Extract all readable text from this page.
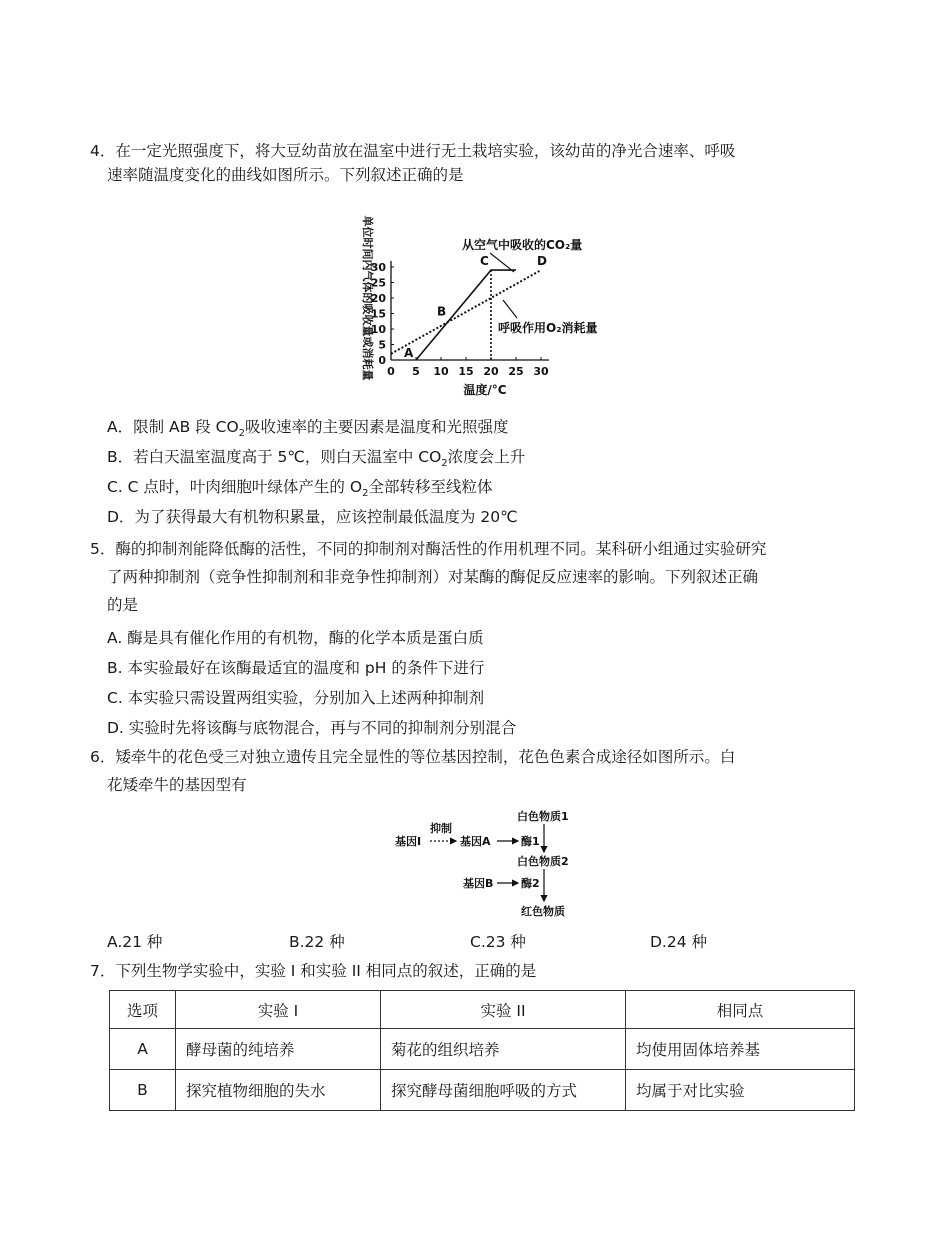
4．在一定光照强度下，将大豆幼苗放在温室中进行无土栽培实验，该幼苗的净光合速率、呼吸
速率随温度变化的曲线如图所示。下列叙述正确的是
0 5 10 15 20 25 30
0
5
10
15
20
25
30
温度/°C
单位时间内气体的吸收量或消耗量	A
B
C	D
从空气中吸收的CO₂量
呼吸作用O₂消耗量
A．限制 AB 段 $CO_2$吸收速率的主要因素是温度和光照强度
B．若白天温室温度高于 5℃，则白天温室中 $CO_2$浓度会上升
C. C 点时，叶肉细胞叶绿体产生的 $O_2$全部转移至线粒体
D．为了获得最大有机物积累量，应该控制最低温度为 20℃
5．酶的抑制剂能降低酶的活性，不同的抑制剂对酶活性的作用机理不同。某科研小组通过实验研究
了两种抑制剂（竞争性抑制剂和非竞争性抑制剂）对某酶的酶促反应速率的影响。下列叙述正确
的是
A. 酶是具有催化作用的有机物，酶的化学本质是蛋白质
B. 本实验最好在该酶最适宜的温度和 pH 的条件下进行
C. 本实验只需设置两组实验，分别加入上述两种抑制剂
D. 实验时先将该酶与底物混合，再与不同的抑制剂分别混合
6．矮牵牛的花色受三对独立遗传且完全显性的等位基因控制，花色色素合成途径如图所示。白
花矮牵牛的基因型有
白色物质1
抑制
基因I	基因A	酶1
白色物质2
基因B	酶2
红色物质
A.21 种	B.22 种	C.23 种	D.24 种
7．下列生物学实验中，实验 I 和实验 II 相同点的叙述，正确的是
选项	实验 I	实验 II	相同点
A	酵母菌的纯培养	菊花的组织培养	均使用固体培养基
B	探究植物细胞的失水	探究酵母菌细胞呼吸的方式	均属于对比实验
